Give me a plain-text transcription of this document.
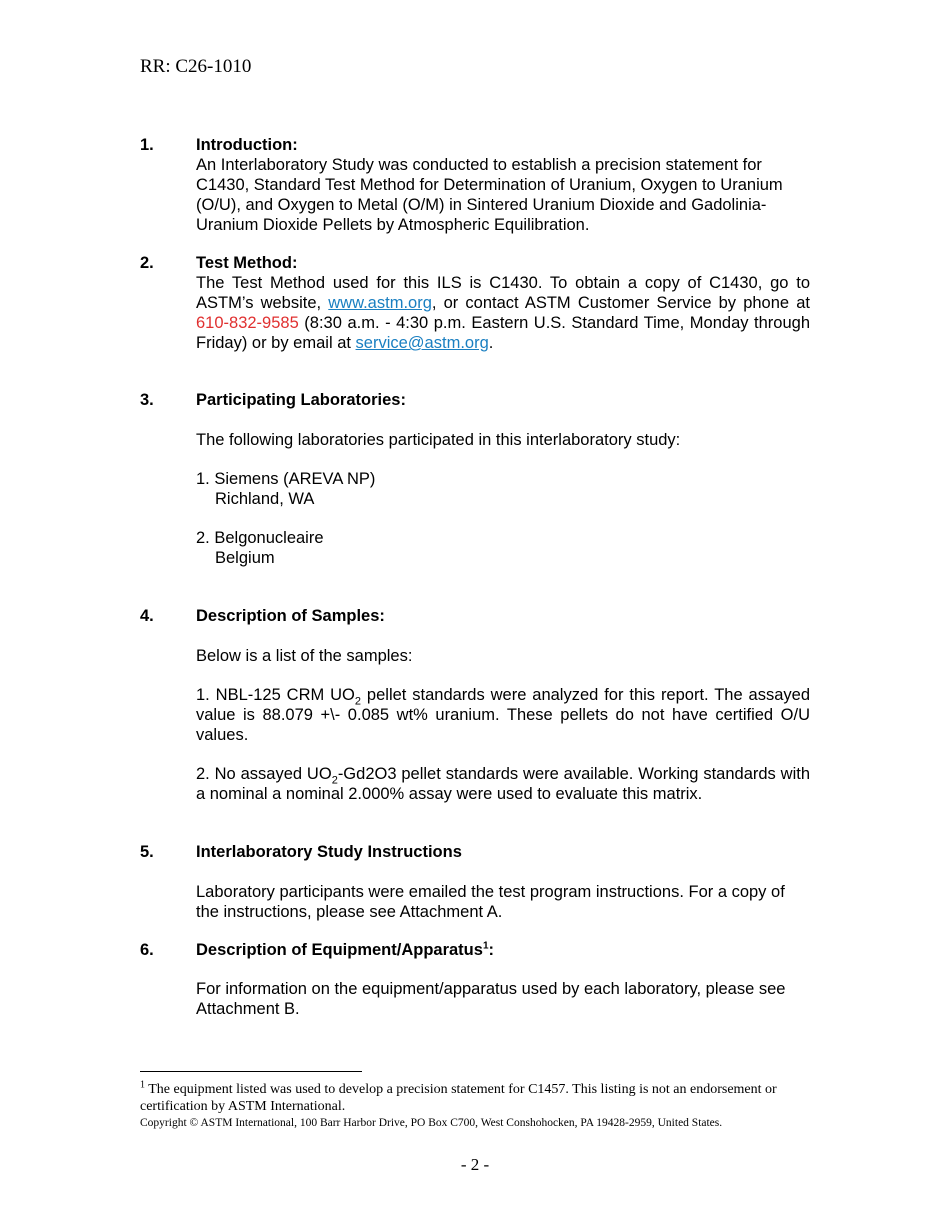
RR: C26-1010
1.	Introduction:

An Interlaboratory Study was conducted to establish a precision statement for C1430, Standard Test Method for Determination of Uranium, Oxygen to Uranium (O/U), and Oxygen to Metal (O/M) in Sintered Uranium Dioxide and Gadolinia-Uranium Dioxide Pellets by Atmospheric Equilibration.

2.	Test Method:

The Test Method used for this ILS is C1430. To obtain a copy of C1430, go to ASTM’s website, www.astm.org, or contact ASTM Customer Service by phone at 610-832-9585 (8:30 a.m. - 4:30 p.m. Eastern U.S. Standard Time, Monday through Friday) or by email at service@astm.org.

3.	Participating Laboratories:

The following laboratories participated in this interlaboratory study:

1. Siemens (AREVA NP)

Richland, WA

2. Belgonucleaire

Belgium

4.	Description of Samples:

Below is a list of the samples:

1. NBL-125 CRM $UO_2$ pellet standards were analyzed for this report. The assayed value is 88.079 +\- 0.085 wt% uranium. These pellets do not have certified O/U values.

2. No assayed $UO_2-Gd2O3$ pellet standards were available. Working standards with a nominal a nominal 2.000% assay were used to evaluate this matrix.

5.	Interlaboratory Study Instructions

Laboratory participants were emailed the test program instructions. For a copy of the instructions, please see Attachment A.

6.	Description of Equipment/Apparatus$^1$:

For information on the equipment/apparatus used by each laboratory, please see Attachment B.

$^1$ The equipment listed was used to develop a precision statement for C1457. This listing is not an endorsement or certification by ASTM International.
Copyright © ASTM International, 100 Barr Harbor Drive, PO Box C700, West Conshohocken, PA 19428-2959, United States.
- 2 -
